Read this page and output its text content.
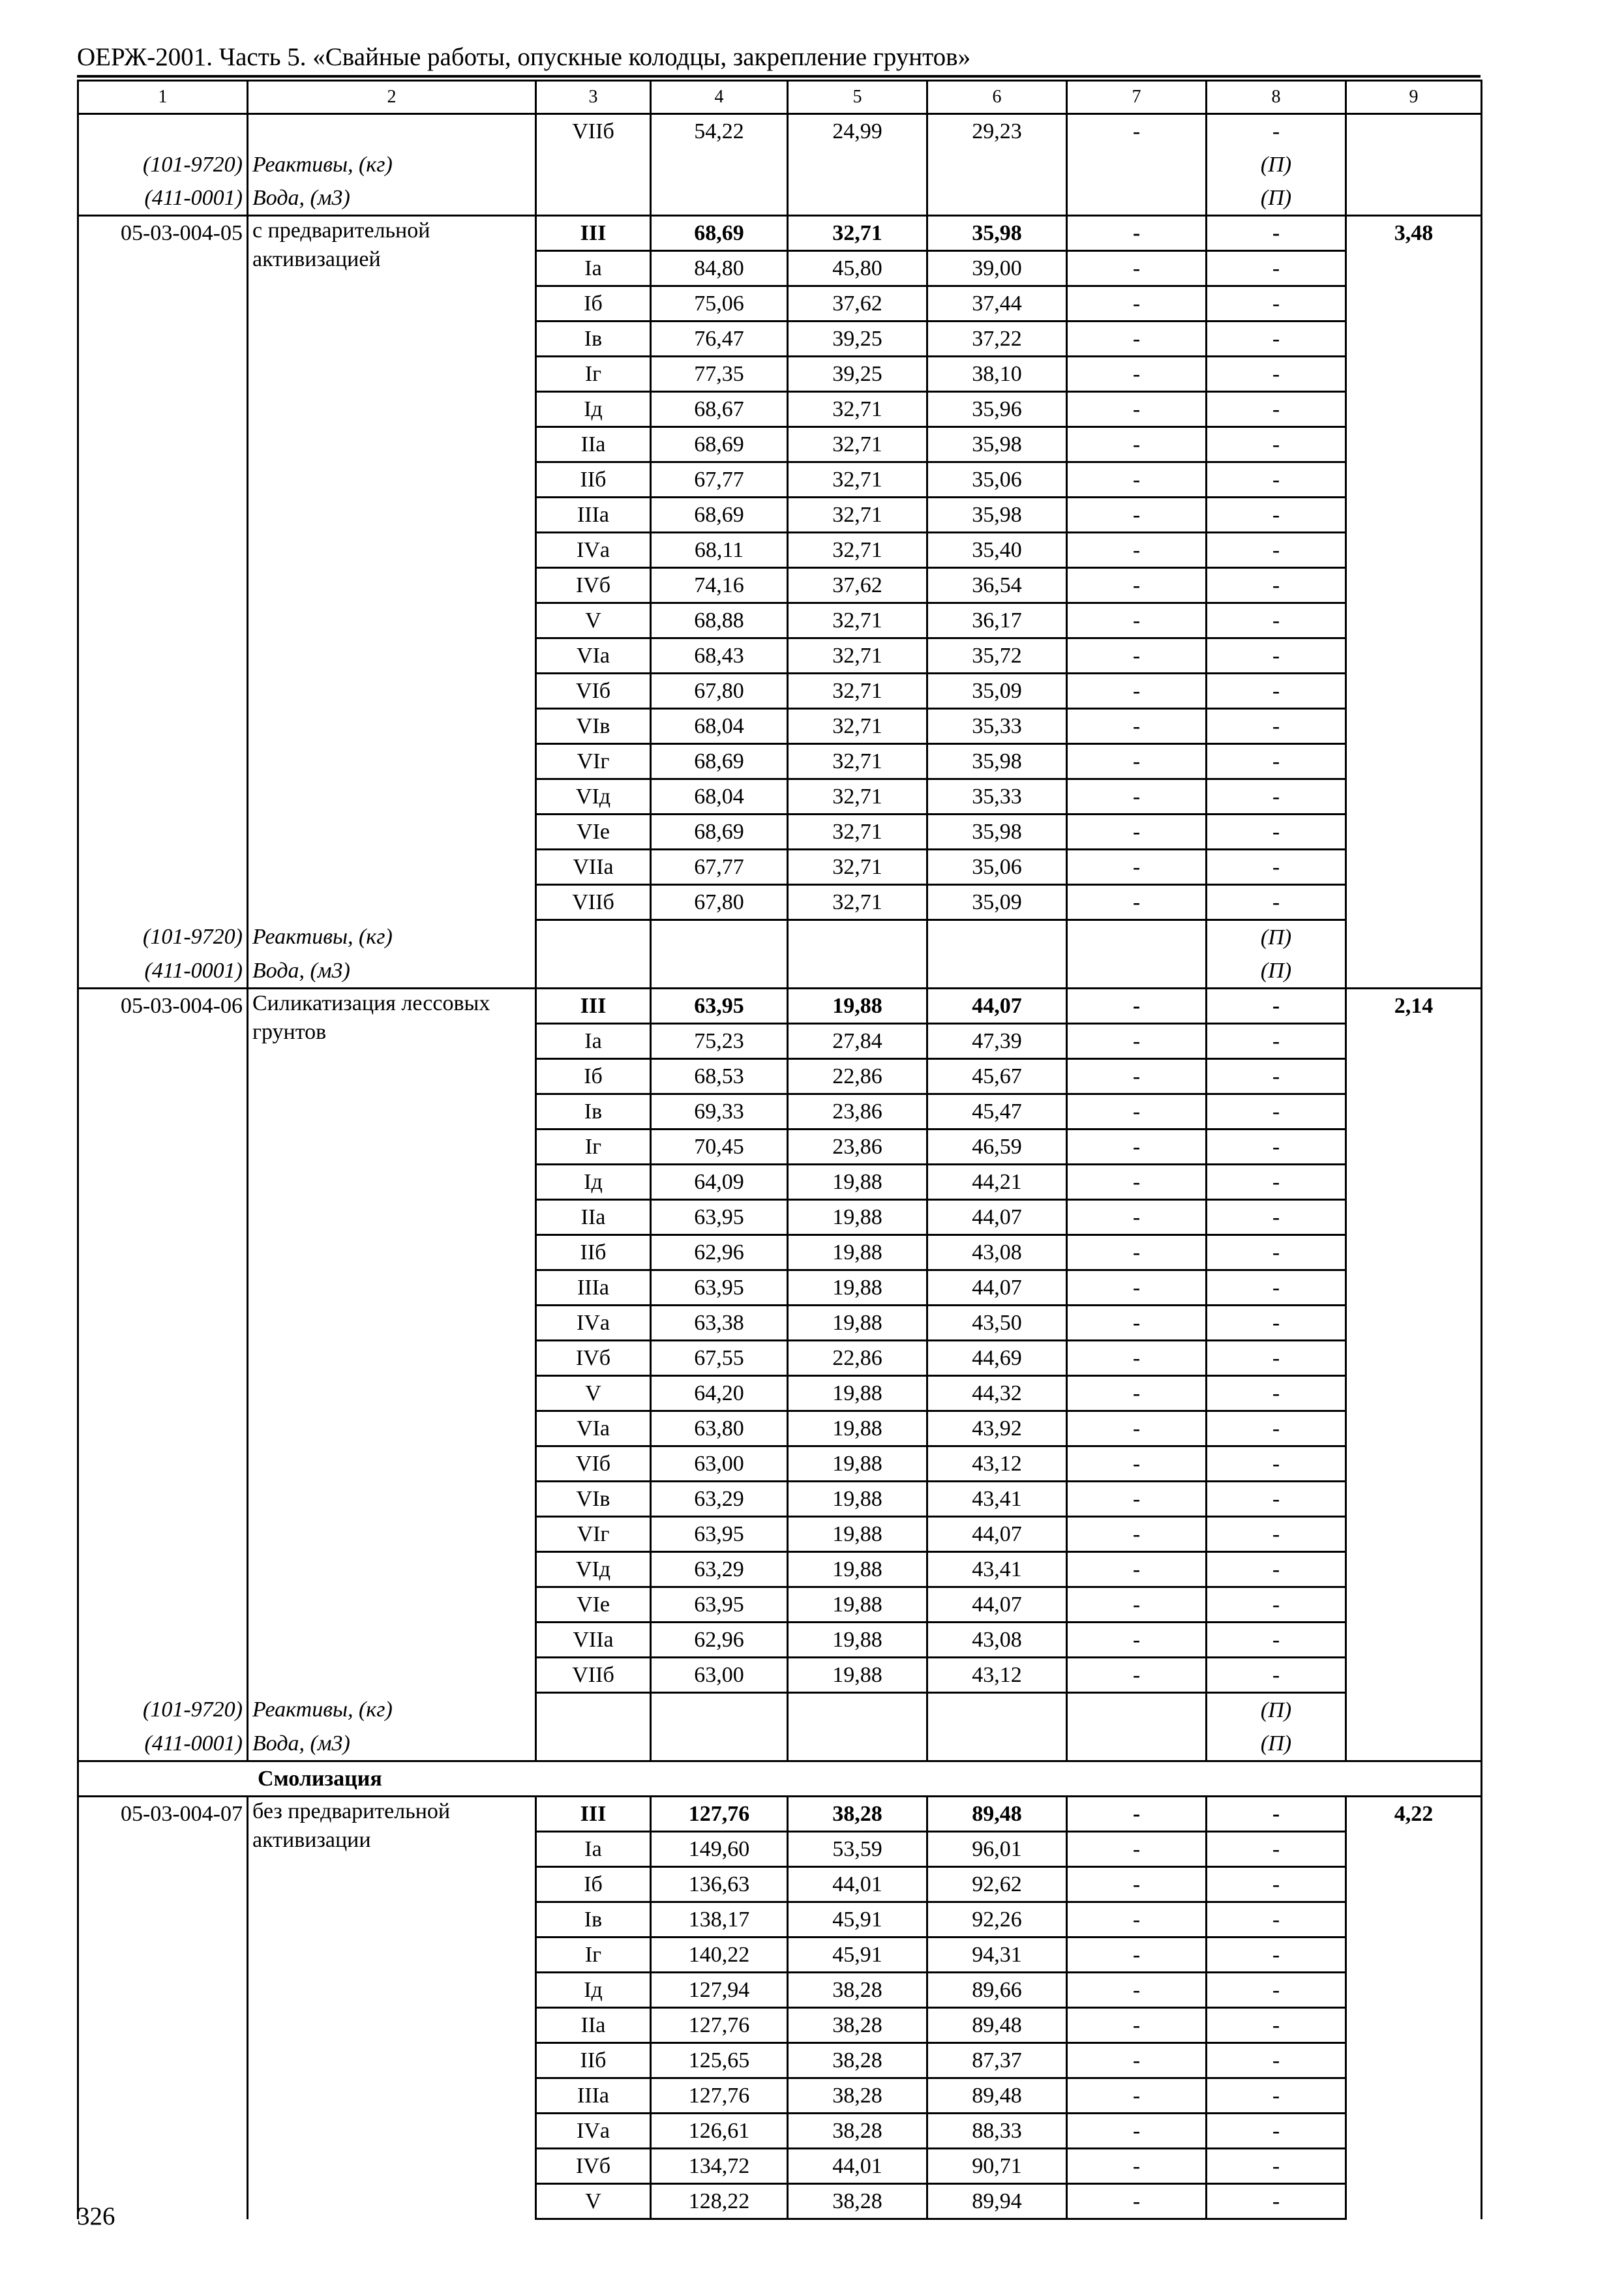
ОЕРЖ-2001. Часть 5. «Свайные работы, опускные колодцы, закрепление грунтов»
1	2	3	4	5	6	7	8	9
		VIIб	54,22	24,99	29,23	-	-	
(101-9720)	Реактивы, (кг)						(П)	
(411-0001)	Вода, (м3)						(П)	
05-03-004-05	с предварительной активизацией	III	68,69	32,71	35,98	-	-	3,48
		Iа	84,80	45,80	39,00	-	-	
		Iб	75,06	37,62	37,44	-	-	
		Iв	76,47	39,25	37,22	-	-	
		Iг	77,35	39,25	38,10	-	-	
		Iд	68,67	32,71	35,96	-	-	
		IIа	68,69	32,71	35,98	-	-	
		IIб	67,77	32,71	35,06	-	-	
		IIIа	68,69	32,71	35,98	-	-	
		IVа	68,11	32,71	35,40	-	-	
		IVб	74,16	37,62	36,54	-	-	
		V	68,88	32,71	36,17	-	-	
		VIа	68,43	32,71	35,72	-	-	
		VIб	67,80	32,71	35,09	-	-	
		VIв	68,04	32,71	35,33	-	-	
		VIг	68,69	32,71	35,98	-	-	
		VIд	68,04	32,71	35,33	-	-	
		VIе	68,69	32,71	35,98	-	-	
		VIIа	67,77	32,71	35,06	-	-	
		VIIб	67,80	32,71	35,09	-	-	
(101-9720)	Реактивы, (кг)						(П)	
(411-0001)	Вода, (м3)						(П)	
05-03-004-06	Силикатизация лессовых грунтов	III	63,95	19,88	44,07	-	-	2,14
		Iа	75,23	27,84	47,39	-	-	
		Iб	68,53	22,86	45,67	-	-	
		Iв	69,33	23,86	45,47	-	-	
		Iг	70,45	23,86	46,59	-	-	
		Iд	64,09	19,88	44,21	-	-	
		IIа	63,95	19,88	44,07	-	-	
		IIб	62,96	19,88	43,08	-	-	
		IIIа	63,95	19,88	44,07	-	-	
		IVа	63,38	19,88	43,50	-	-	
		IVб	67,55	22,86	44,69	-	-	
		V	64,20	19,88	44,32	-	-	
		VIа	63,80	19,88	43,92	-	-	
		VIб	63,00	19,88	43,12	-	-	
		VIв	63,29	19,88	43,41	-	-	
		VIг	63,95	19,88	44,07	-	-	
		VIд	63,29	19,88	43,41	-	-	
		VIе	63,95	19,88	44,07	-	-	
		VIIа	62,96	19,88	43,08	-	-	
		VIIб	63,00	19,88	43,12	-	-	
(101-9720)	Реактивы, (кг)						(П)	
(411-0001)	Вода, (м3)						(П)	
Смолизация								
05-03-004-07	без предварительной активизации	III	127,76	38,28	89,48	-	-	4,22
		Iа	149,60	53,59	96,01	-	-	
		Iб	136,63	44,01	92,62	-	-	
		Iв	138,17	45,91	92,26	-	-	
		Iг	140,22	45,91	94,31	-	-	
		Iд	127,94	38,28	89,66	-	-	
		IIа	127,76	38,28	89,48	-	-	
		IIб	125,65	38,28	87,37	-	-	
		IIIа	127,76	38,28	89,48	-	-	
		IVа	126,61	38,28	88,33	-	-	
		IVб	134,72	44,01	90,71	-	-	
		V	128,22	38,28	89,94	-	-	
326
